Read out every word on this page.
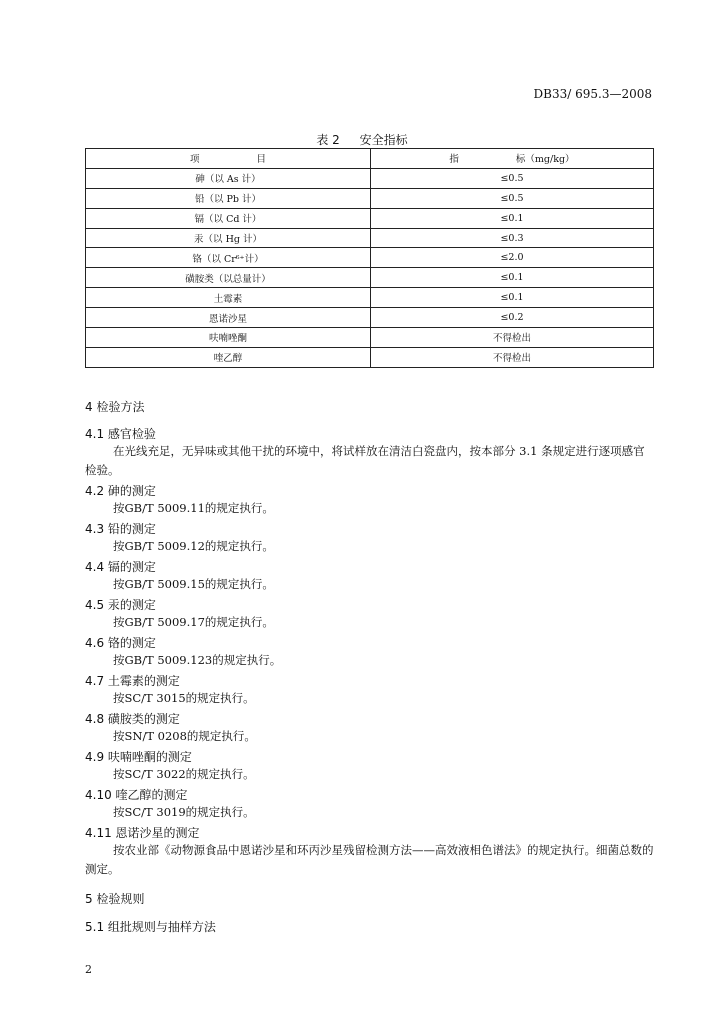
DB33/ 695.3—2008
表 2 安全指标
项　　　　　　目	指　　　　　　标（mg/kg）
砷（以 As 计）	≤0.5
铅（以 Pb 计）	≤0.5
镉（以 Cd 计）	≤0.1
汞（以 Hg 计）	≤0.3
铬（以 Cr⁶⁺计）	≤2.0
磺胺类（以总量计）	≤0.1
土霉素	≤0.1
恩诺沙星	≤0.2
呋喃唑酮	不得检出
喹乙醇	不得检出
4 检验方法
4.1 感官检验
在光线充足，无异味或其他干扰的环境中，将试样放在清洁白瓷盘内，按本部分 3.1 条规定进行逐项感官检验。
4.2 砷的测定
按GB/T 5009.11的规定执行。
4.3 铅的测定
按GB/T 5009.12的规定执行。
4.4 镉的测定
按GB/T 5009.15的规定执行。
4.5 汞的测定
按GB/T 5009.17的规定执行。
4.6 铬的测定
按GB/T 5009.123的规定执行。
4.7 土霉素的测定
按SC/T 3015的规定执行。
4.8 磺胺类的测定
按SN/T 0208的规定执行。
4.9 呋喃唑酮的测定
按SC/T 3022的规定执行。
4.10 喹乙醇的测定
按SC/T 3019的规定执行。
4.11 恩诺沙星的测定
按农业部《动物源食品中恩诺沙星和环丙沙星残留检测方法——高效液相色谱法》的规定执行。细菌总数的测定。
5 检验规则
5.1 组批规则与抽样方法
2
